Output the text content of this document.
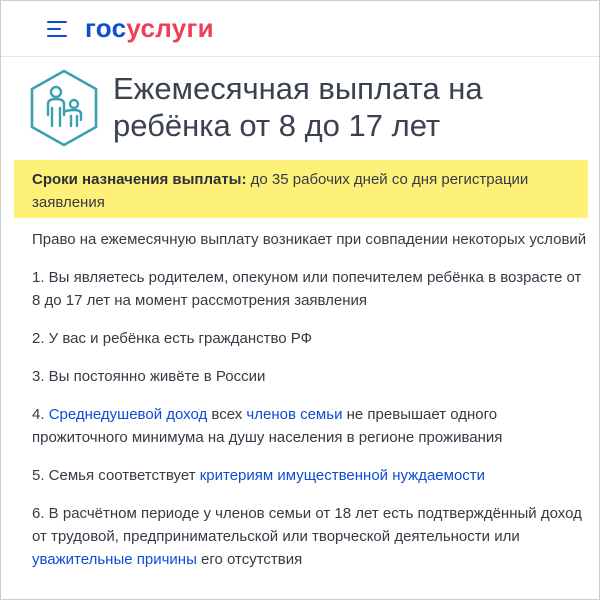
госуслуги
Ежемесячная выплата на
ребёнка от 8 до 17 лет
Сроки назначения выплаты: до 35 рабочих дней со дня регистрации заявления

Право на ежемесячную выплату возникает при совпадении некоторых условий

1. Вы являетесь родителем, опекуном или попечителем ребёнка в возрасте от 8 до 17 лет на момент рассмотрения заявления

2. У вас и ребёнка есть гражданство РФ

3. Вы постоянно живёте в России

4. Среднедушевой доход всех членов семьи не превышает одного прожиточного минимума на душу населения в регионе проживания

5. Семья соответствует критериям имущественной нуждаемости

6. В расчётном периоде у членов семьи от 18 лет есть подтверждённый доход от трудовой, предпринимательской или творческой деятельности или уважительные причины его отсутствия
